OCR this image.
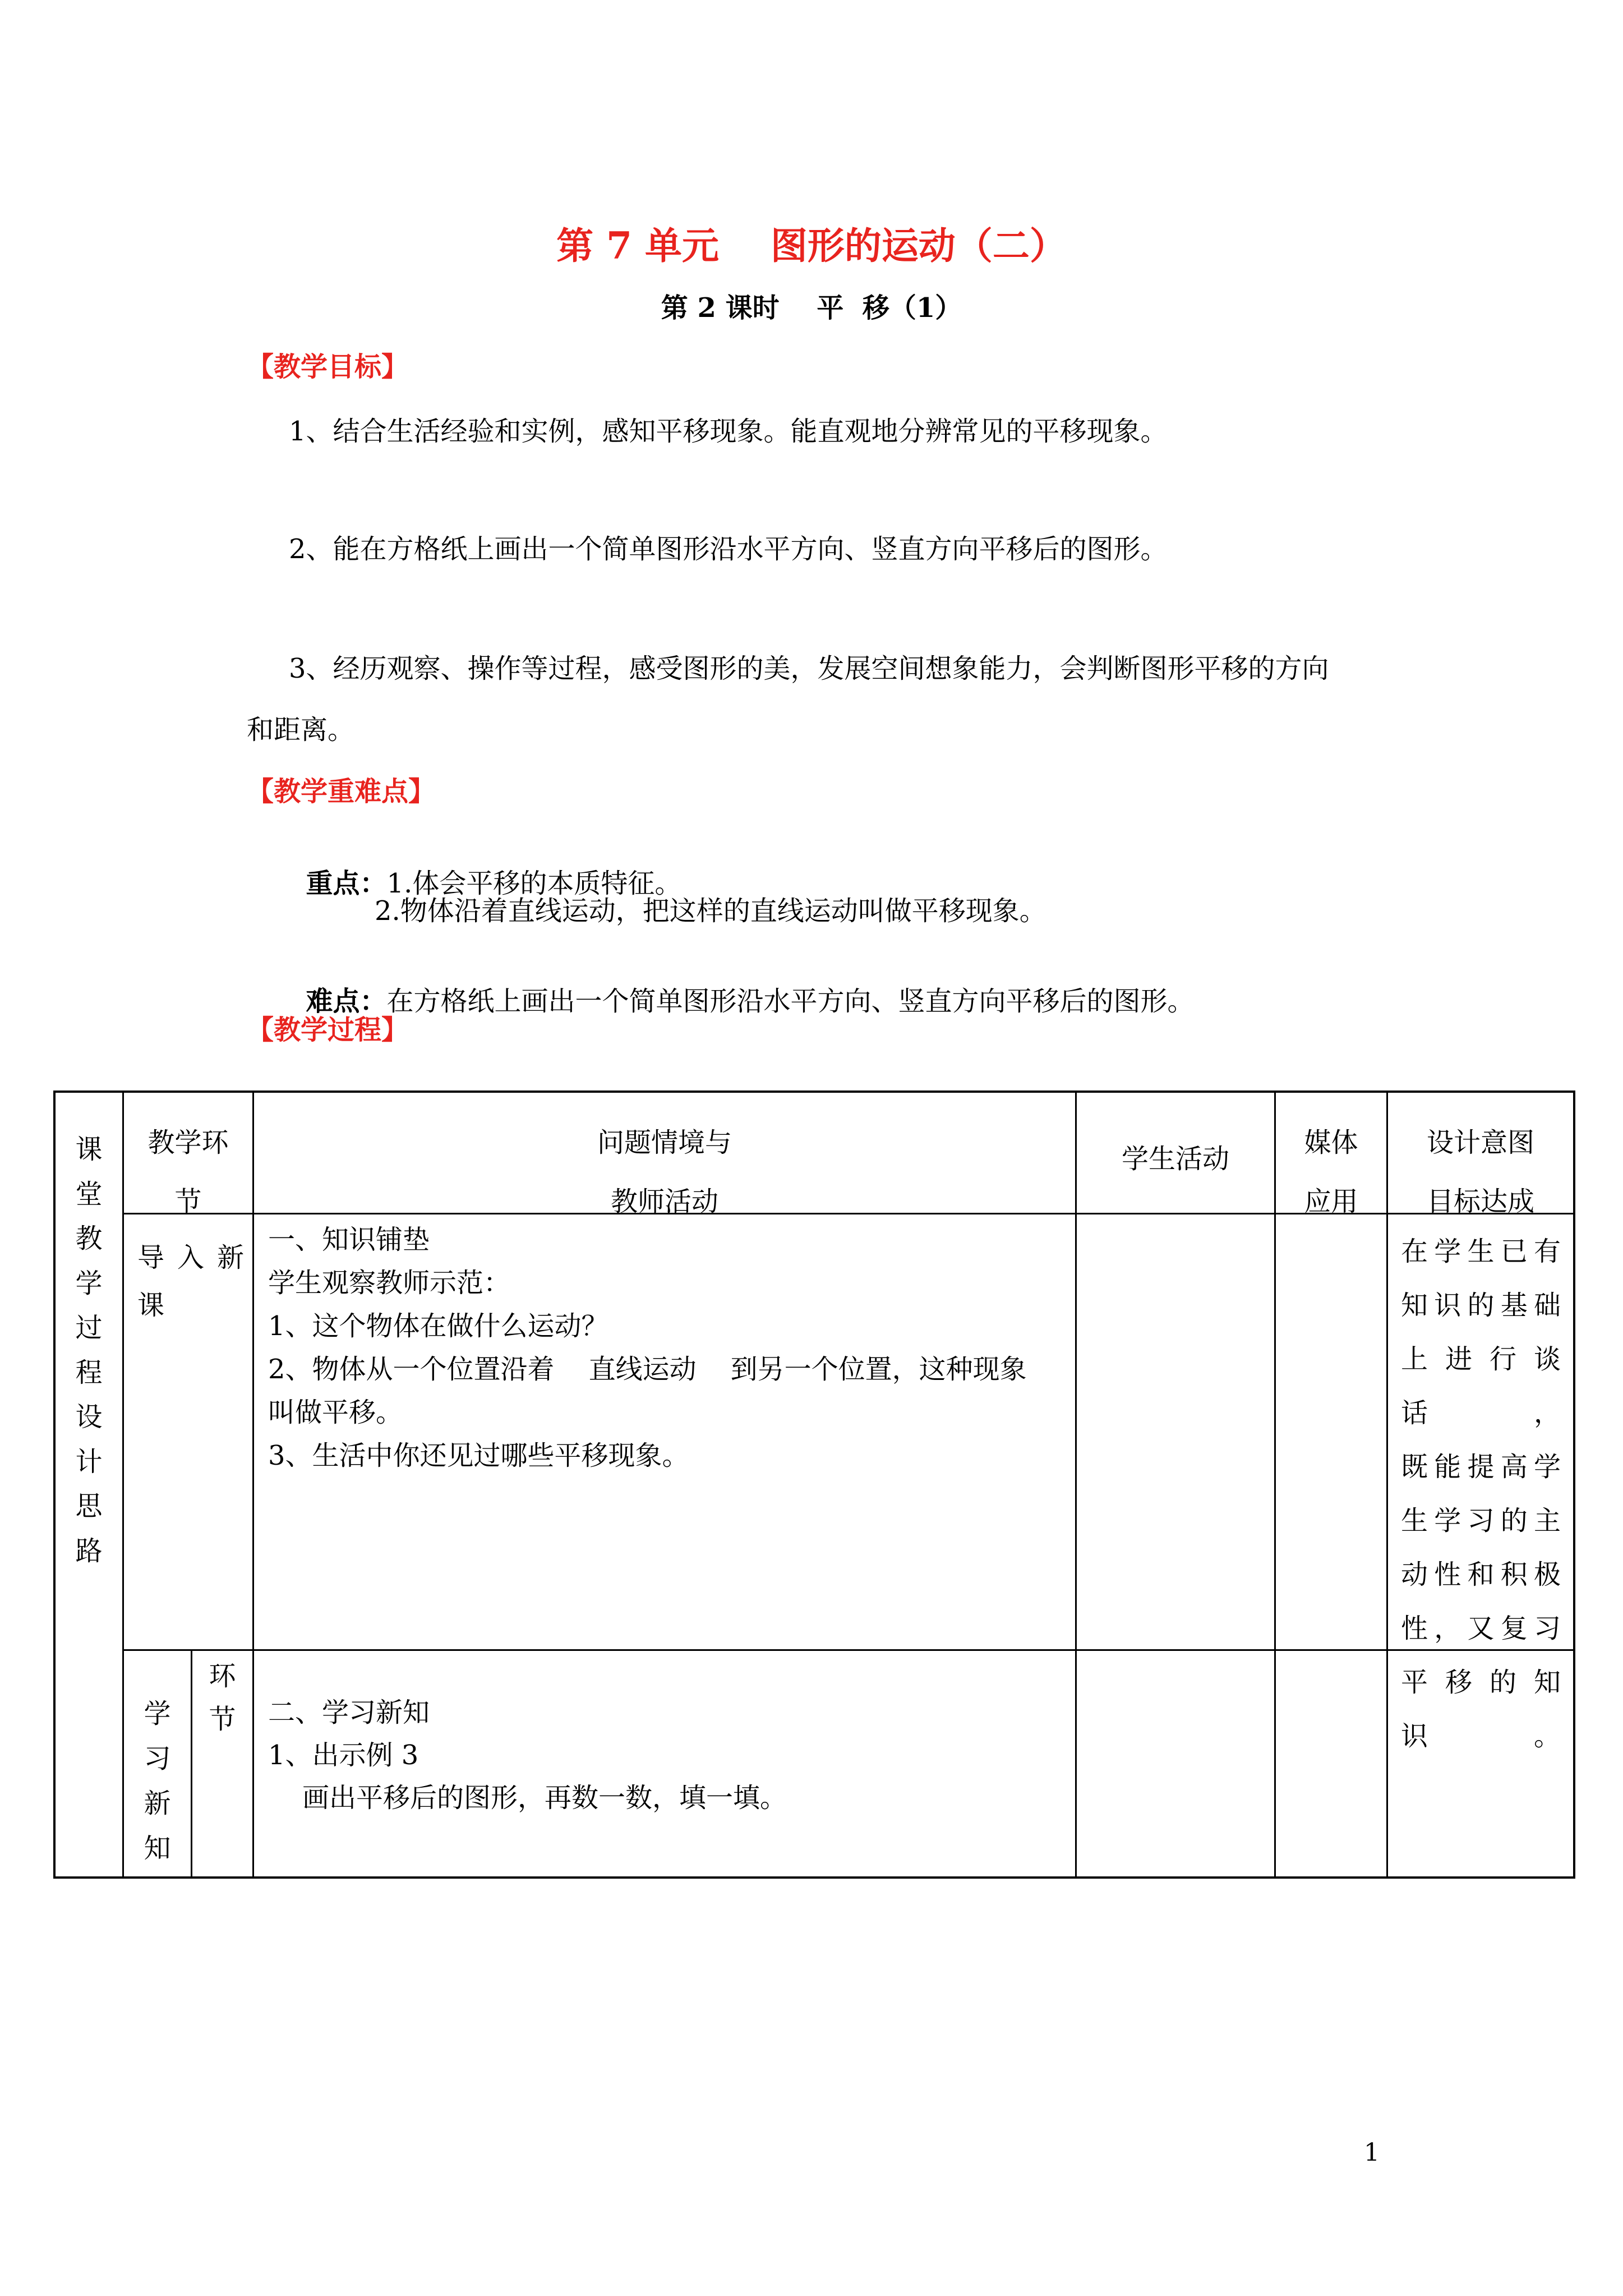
第 7 单元    图形的运动（二）
第 2 课时    平  移（1）
【教学目标】
1、结合生活经验和实例，感知平移现象。能直观地分辨常见的平移现象。
2、能在方格纸上画出一个简单图形沿水平方向、竖直方向平移后的图形。
3、经历观察、操作等过程，感受图形的美，发展空间想象能力，会判断图形平移的方向
和距离。
【教学重难点】

重点：1.体会平移的本质特征。

2.物体沿着直线运动，把这样的直线运动叫做平移现象。

难点：在方格纸上画出一个简单图形沿水平方向、竖直方向平移后的图形。

【教学过程】
课
堂
教
学
过
程
设
计
思
路
教学环
节
问题情境与
教师活动
学生活动
媒体
应用
设计意图
目标达成
导 入 新
课
一、知识铺垫
学生观察教师示范：
1、这个物体在做什么运动？
2、物体从一个位置沿着    直线运动    到另一个位置，这种现象
叫做平移。
3、生活中你还见过哪些平移现象。
在学生已有
知识的基础
上进行谈话，
既能提高学
生学习的主
动性和积极
性，又复习
平移的知识。
学
习
新
知
环
节	二、学习新知
1、出示例 3
画出平移后的图形，再数一数，填一填。
1
